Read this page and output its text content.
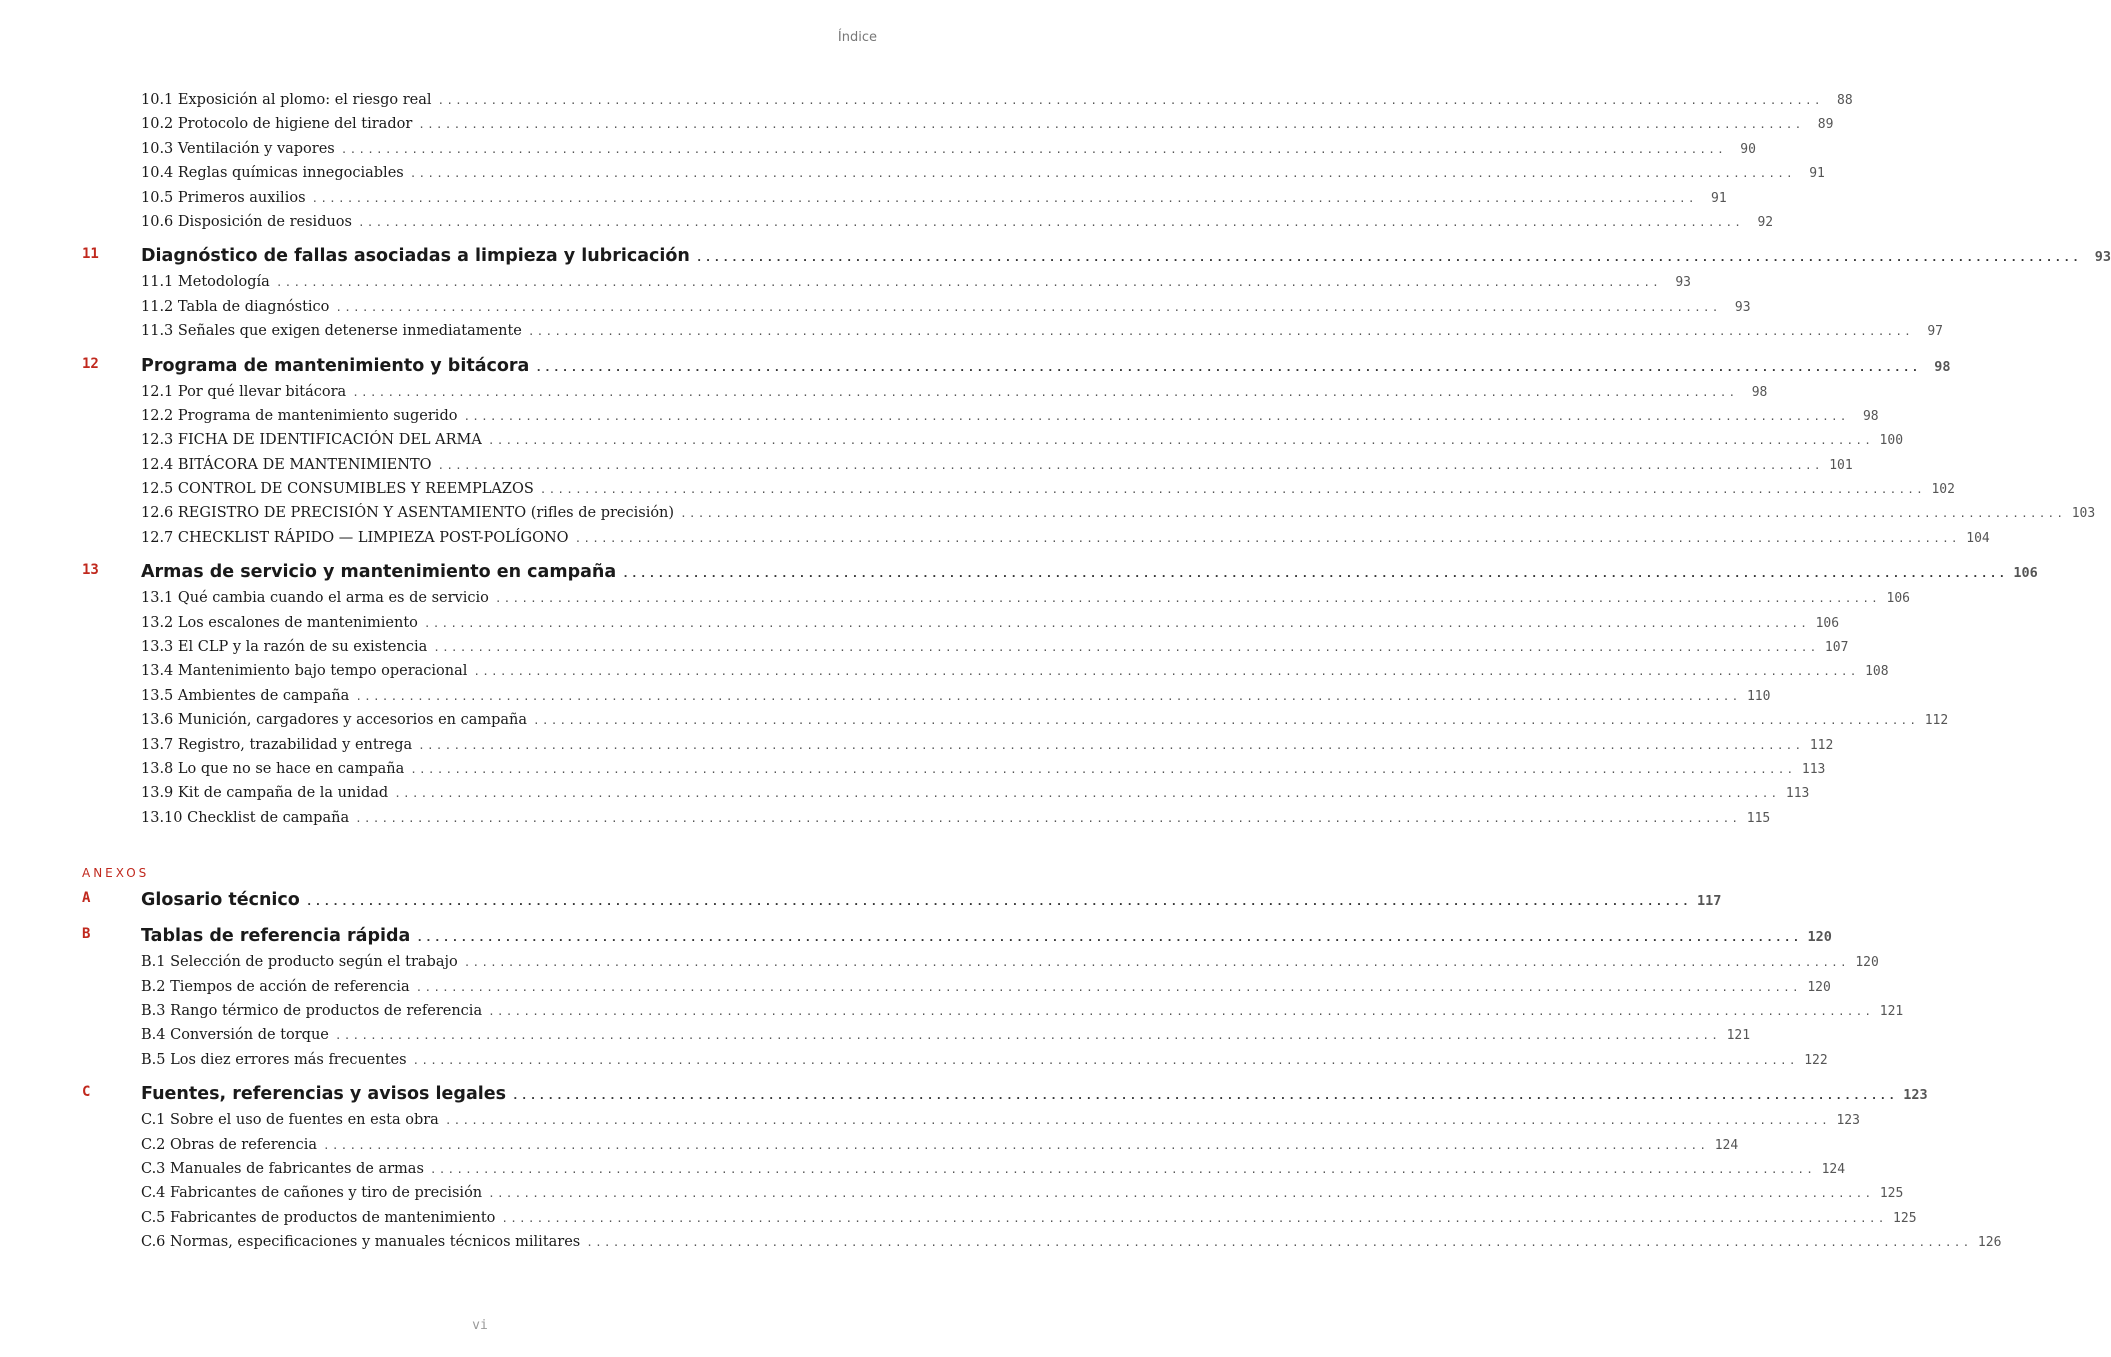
Índice
10.1 Exposición al plomo: el riesgo real .............................................................................................................................................................	88
10.2 Protocolo de higiene del tirador .............................................................................................................................................................	89
10.3 Ventilación y vapores .............................................................................................................................................................	90
10.4 Reglas químicas innegociables .............................................................................................................................................................	91
10.5 Primeros auxilios .............................................................................................................................................................	91
10.6 Disposición de residuos .............................................................................................................................................................	92
11 Diagnóstico de fallas asociadas a limpieza y lubricación .............................................................................................................................................................	93
11.1 Metodología .............................................................................................................................................................	93
11.2 Tabla de diagnóstico .............................................................................................................................................................	93
11.3 Señales que exigen detenerse inmediatamente .............................................................................................................................................................	97
12 Programa de mantenimiento y bitácora .............................................................................................................................................................	98
12.1 Por qué llevar bitácora .............................................................................................................................................................	98
12.2 Programa de mantenimiento sugerido .............................................................................................................................................................	98
12.3 FICHA DE IDENTIFICACIÓN DEL ARMA ............................................................................................................................................................. 100
12.4 BITÁCORA DE MANTENIMIENTO ............................................................................................................................................................. 101
12.5 CONTROL DE CONSUMIBLES Y REEMPLAZOS ............................................................................................................................................................. 102
12.6 REGISTRO DE PRECISIÓN Y ASENTAMIENTO (rifles de precisión) ............................................................................................................................................................. 103
12.7 CHECKLIST RÁPIDO — LIMPIEZA POST-POLÍGONO ............................................................................................................................................................. 104
13 Armas de servicio y mantenimiento en campaña ............................................................................................................................................................. 106
13.1 Qué cambia cuando el arma es de servicio ............................................................................................................................................................. 106
13.2 Los escalones de mantenimiento ............................................................................................................................................................. 106
13.3 El CLP y la razón de su existencia ............................................................................................................................................................. 107
13.4 Mantenimiento bajo tempo operacional ............................................................................................................................................................. 108
13.5 Ambientes de campaña ............................................................................................................................................................. 110
13.6 Munición, cargadores y accesorios en campaña ............................................................................................................................................................. 112
13.7 Registro, trazabilidad y entrega ............................................................................................................................................................. 112
13.8 Lo que no se hace en campaña ............................................................................................................................................................. 113
13.9 Kit de campaña de la unidad ............................................................................................................................................................. 113
13.10 Checklist de campaña ............................................................................................................................................................. 115
ANEXOS
A	Glosario técnico ............................................................................................................................................................. 117
B	Tablas de referencia rápida ............................................................................................................................................................. 120
B.1 Selección de producto según el trabajo ............................................................................................................................................................. 120
B.2 Tiempos de acción de referencia ............................................................................................................................................................. 120
B.3 Rango térmico de productos de referencia ............................................................................................................................................................. 121
B.4 Conversión de torque ............................................................................................................................................................. 121
B.5 Los diez errores más frecuentes ............................................................................................................................................................. 122
C	Fuentes, referencias y avisos legales ............................................................................................................................................................. 123
C.1 Sobre el uso de fuentes en esta obra ............................................................................................................................................................. 123
C.2 Obras de referencia ............................................................................................................................................................. 124
C.3 Manuales de fabricantes de armas ............................................................................................................................................................. 124
C.4 Fabricantes de cañones y tiro de precisión ............................................................................................................................................................. 125
C.5 Fabricantes de productos de mantenimiento ............................................................................................................................................................. 125
C.6 Normas, especificaciones y manuales técnicos militares ............................................................................................................................................................. 126
vi
